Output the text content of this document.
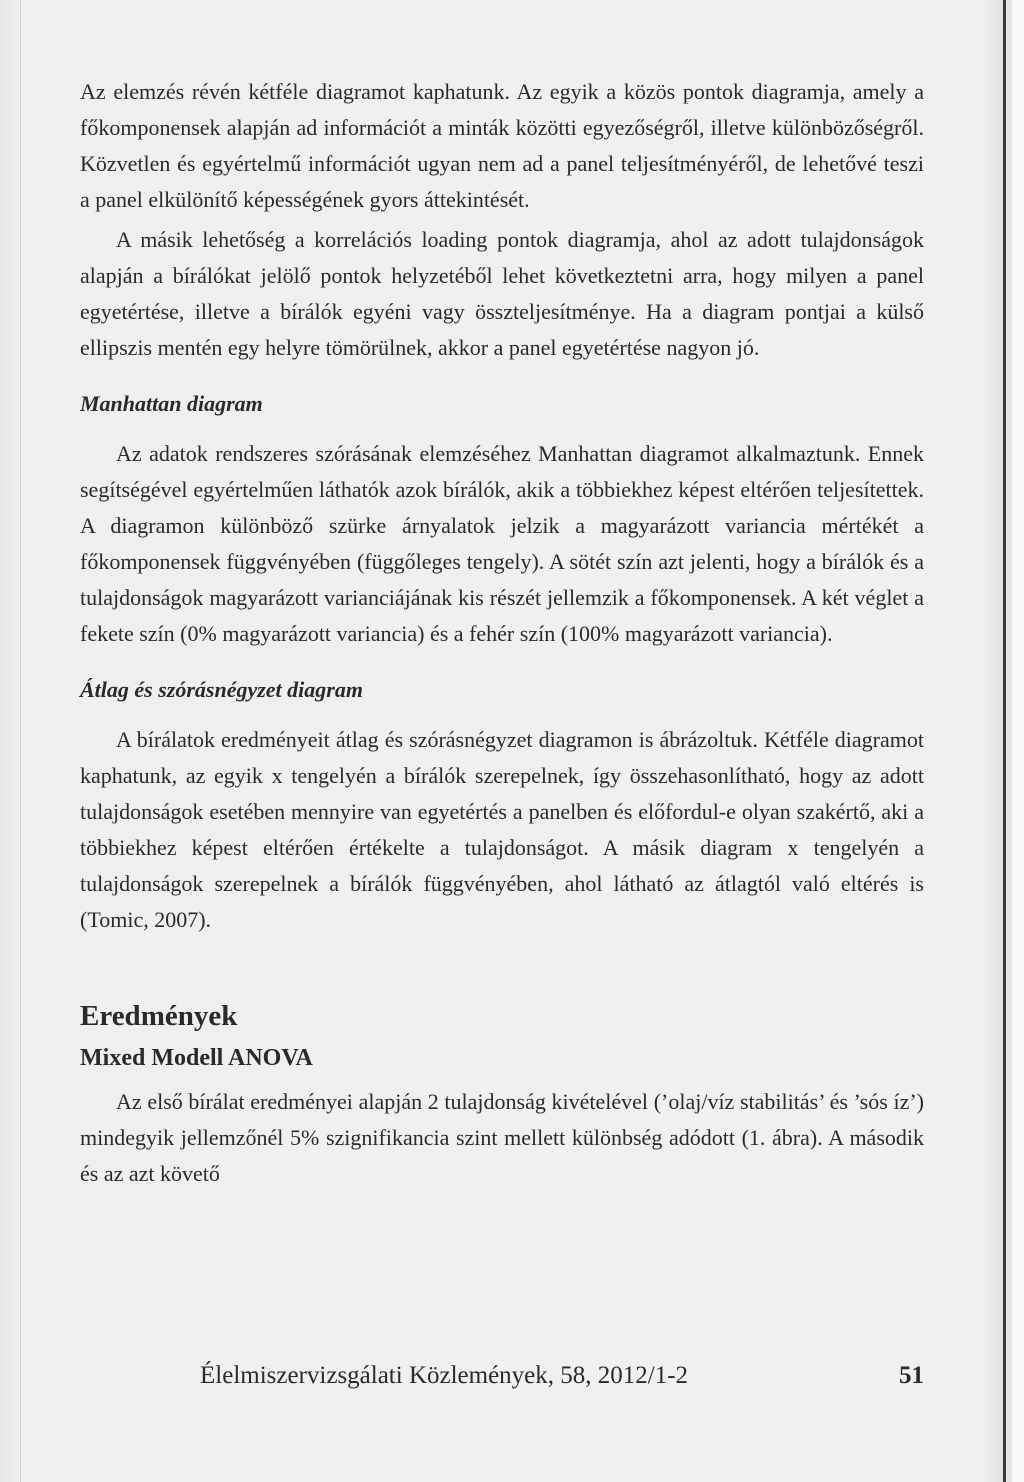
Az elemzés révén kétféle diagramot kaphatunk. Az egyik a közös pontok diagramja, amely a főkomponensek alapján ad információt a minták közötti egyezőségről, illetve különbözőségről. Közvetlen és egyértelmű információt ugyan nem ad a panel teljesítményéről, de lehetővé teszi a panel elkülönítő képességének gyors áttekintését.

A másik lehetőség a korrelációs loading pontok diagramja, ahol az adott tulajdonságok alapján a bírálókat jelölő pontok helyzetéből lehet következtetni arra, hogy milyen a panel egyetértése, illetve a bírálók egyéni vagy összteljesítménye. Ha a diagram pontjai a külső ellipszis mentén egy helyre tömörülnek, akkor a panel egyetértése nagyon jó.

Manhattan diagram

Az adatok rendszeres szórásának elemzéséhez Manhattan diagramot alkalmaztunk. Ennek segítségével egyértelműen láthatók azok bírálók, akik a többiekhez képest eltérően teljesítettek. A diagramon különböző szürke árnyalatok jelzik a magyarázott variancia mértékét a főkomponensek függvényében (függőleges tengely). A sötét szín azt jelenti, hogy a bírálók és a tulajdonságok magyarázott varianciájának kis részét jellemzik a főkomponensek. A két véglet a fekete szín (0% magyarázott variancia) és a fehér szín (100% magyarázott variancia).

Átlag és szórásnégyzet diagram

A bírálatok eredményeit átlag és szórásnégyzet diagramon is ábrázoltuk. Kétféle diagramot kaphatunk, az egyik x tengelyén a bírálók szerepelnek, így összehasonlítható, hogy az adott tulajdonságok esetében mennyire van egyetértés a panelben és előfordul-e olyan szakértő, aki a többiekhez képest eltérően értékelte a tulajdonságot. A másik diagram x tengelyén a tulajdonságok szerepelnek a bírálók függvényében, ahol látható az átlagtól való eltérés is (Tomic, 2007).

Eredmények
Mixed Modell ANOVA

Az első bírálat eredményei alapján 2 tulajdonság kivételével (’olaj/víz stabilitás’ és ’sós íz’) mindegyik jellemzőnél 5% szignifikancia szint mellett különbség adódott (1. ábra). A második és az azt követő

Élelmiszervizsgálati Közlemények, 58, 2012/1-2	51
